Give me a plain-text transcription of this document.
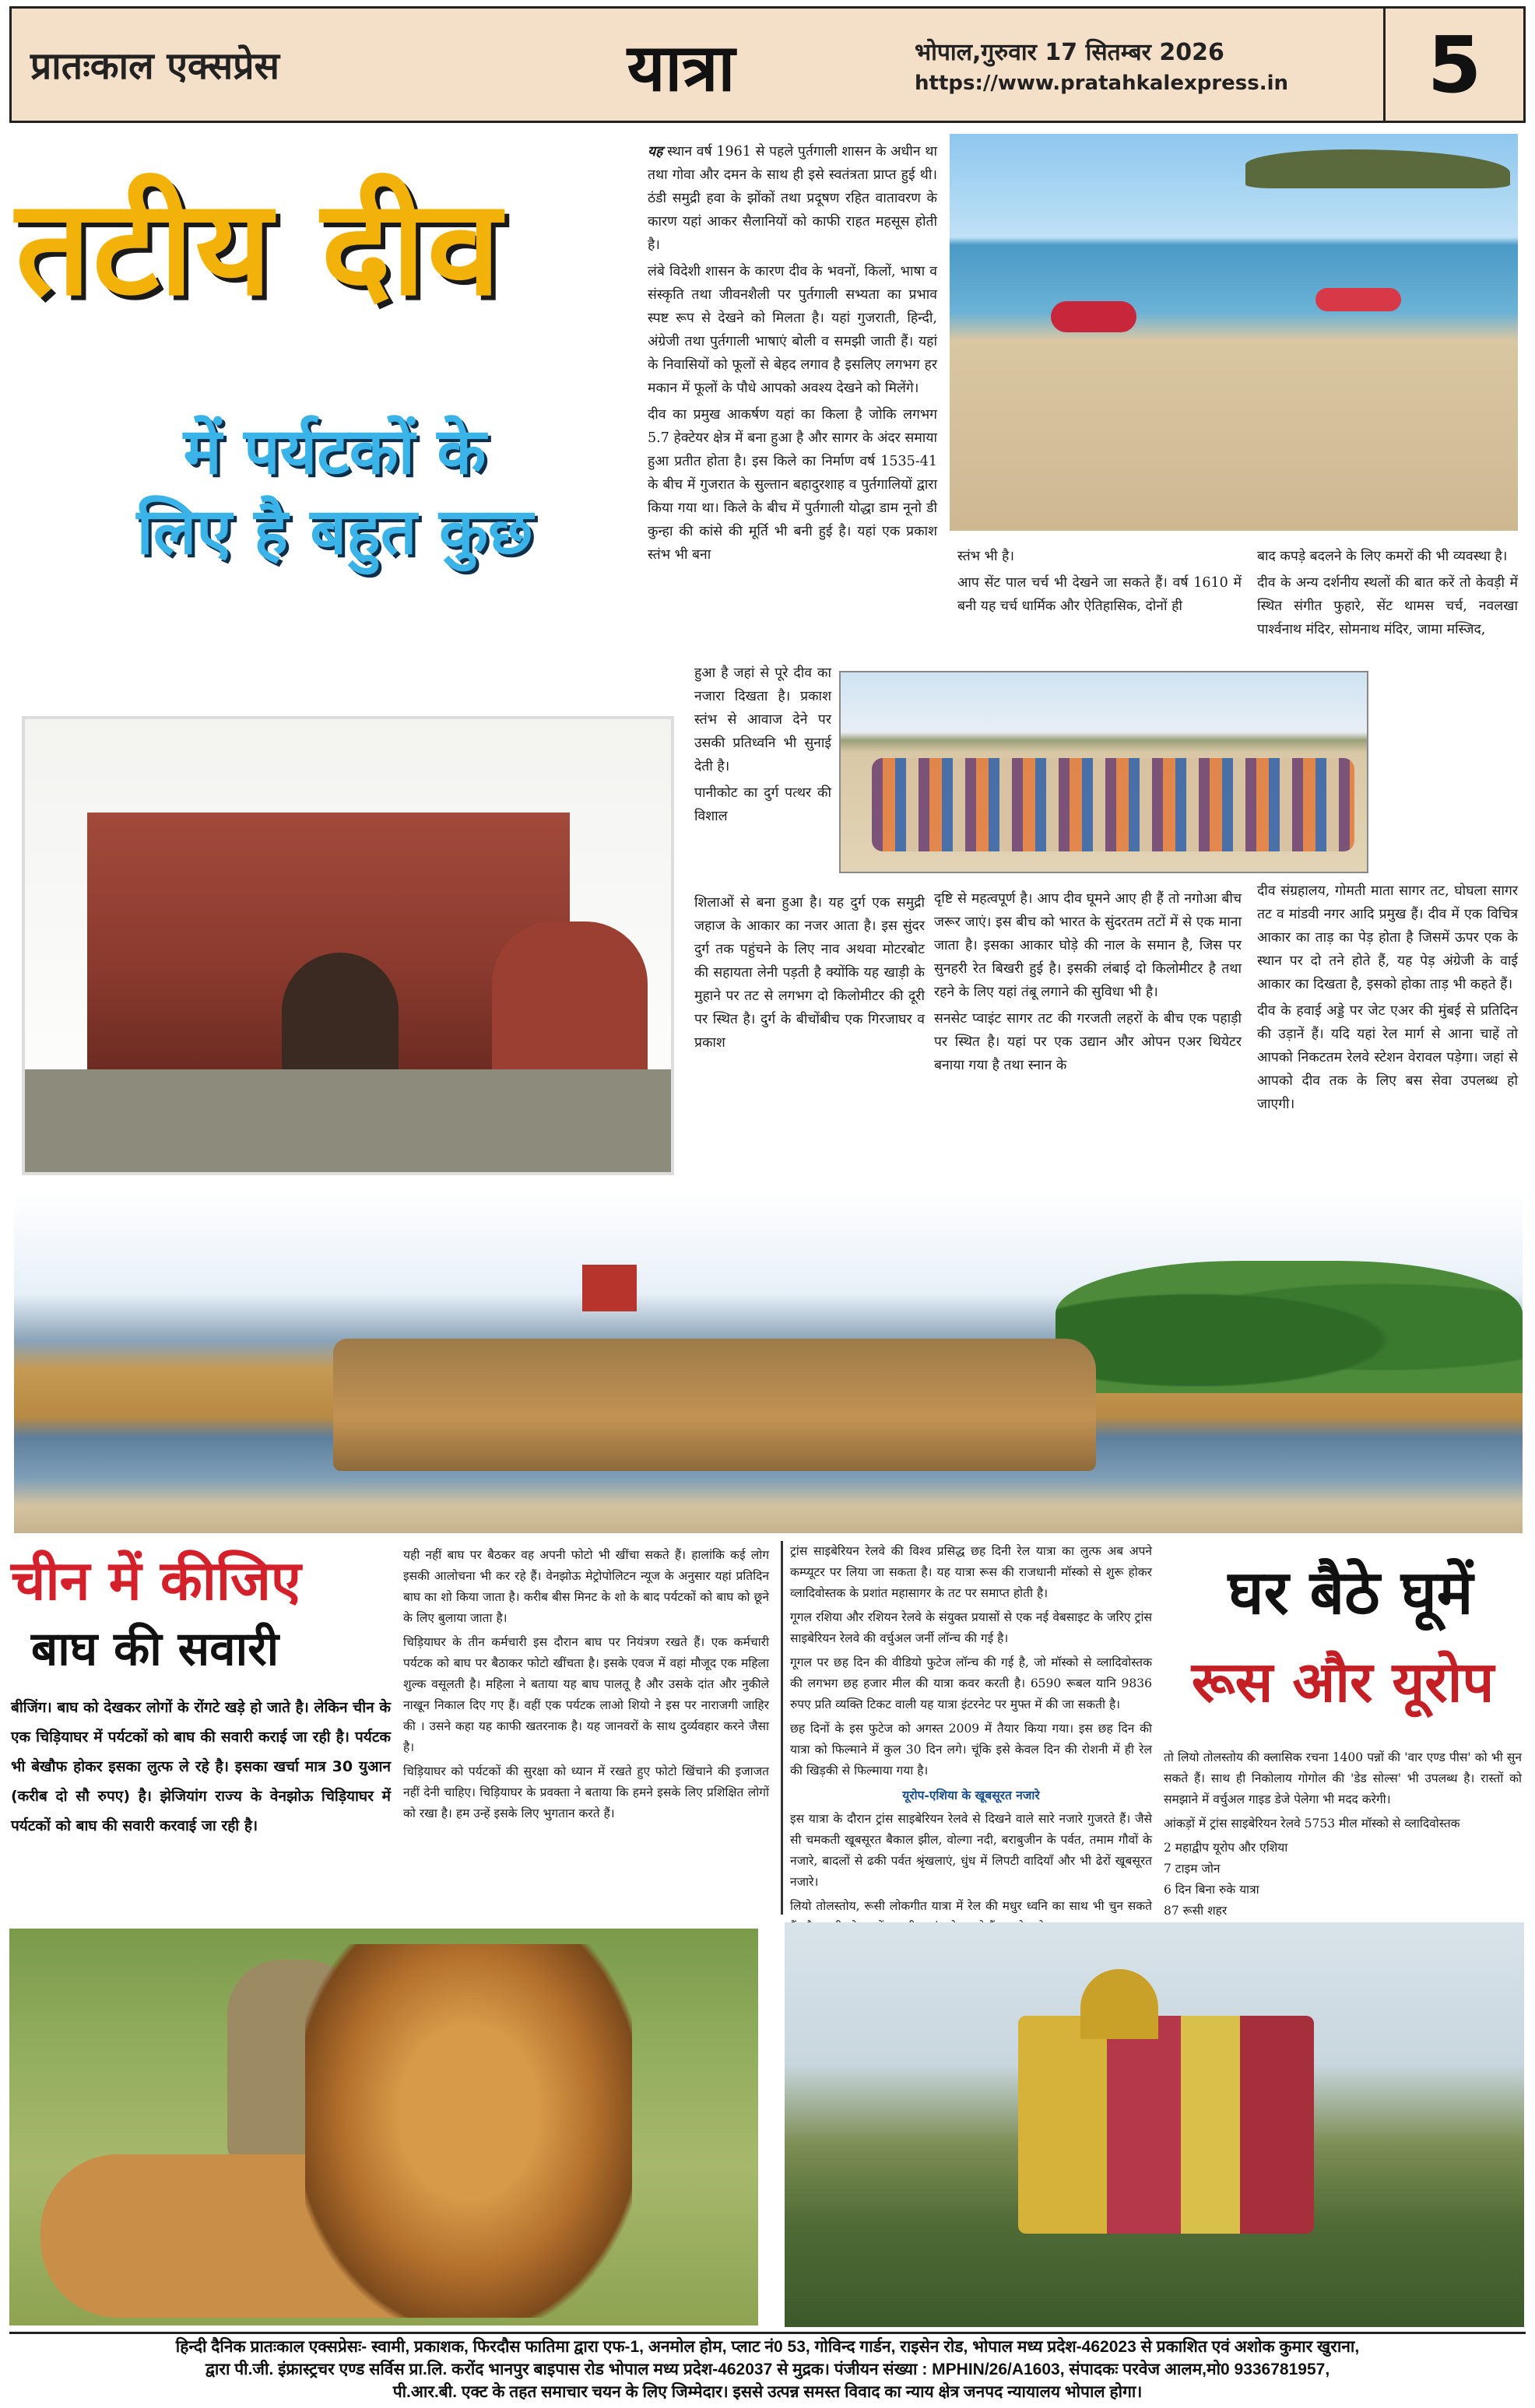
प्रातःकाल एक्सप्रेस	यात्रा	भोपाल,गुरुवार 17 सितम्बर 2026
https://www.pratahkalexpress.in	5
तटीय दीव
में पर्यटकों के
लिए है बहुत कुछ

यह स्थान वर्ष 1961 से पहले पुर्तगाली शासन के अधीन था तथा गोवा और दमन के साथ ही इसे स्वतंत्रता प्राप्त हुई थी। ठंडी समुद्री हवा के झोंकों तथा प्रदूषण रहित वातावरण के कारण यहां आकर सैलानियों को काफी राहत महसूस होती है।

लंबे विदेशी शासन के कारण दीव के भवनों, किलों, भाषा व संस्कृति तथा जीवनशैली पर पुर्तगाली सभ्यता का प्रभाव स्पष्ट रूप से देखने को मिलता है। यहां गुजराती, हिन्दी, अंग्रेजी तथा पुर्तगाली भाषाएं बोली व समझी जाती हैं। यहां के निवासियों को फूलों से बेहद लगाव है इसलिए लगभग हर मकान में फूलों के पौधे आपको अवश्य देखने को मिलेंगे।

दीव का प्रमुख आकर्षण यहां का किला है जोकि लगभग 5.7 हेक्टेयर क्षेत्र में बना हुआ है और सागर के अंदर समाया हुआ प्रतीत होता है। इस किले का निर्माण वर्ष 1535-41 के बीच में गुजरात के सुल्तान बहादुरशाह व पुर्तगालियों द्वारा किया गया था। किले के बीच में पुर्तगाली योद्धा डाम नूनो डी कुन्हा की कांसे की मूर्ति भी बनी हुई है। यहां एक प्रकाश स्तंभ भी बना

हुआ है जहां से पूरे दीव का नजारा दिखता है। प्रकाश स्तंभ से आवाज देने पर उसकी प्रतिध्वनि भी सुनाई देती है।

पानीकोट का दुर्ग पत्थर की विशाल

शिलाओं से बना हुआ है। यह दुर्ग एक समुद्री जहाज के आकार का नजर आता है। इस सुंदर दुर्ग तक पहुंचने के लिए नाव अथवा मोटरबोट की सहायता लेनी पड़ती है क्योंकि यह खाड़ी के मुहाने पर तट से लगभग दो किलोमीटर की दूरी पर स्थित है। दुर्ग के बीचोंबीच एक गिरजाघर व प्रकाश

स्तंभ भी है।

आप सेंट पाल चर्च भी देखने जा सकते हैं। वर्ष 1610 में बनी यह चर्च धार्मिक और ऐतिहासिक, दोनों ही

दृष्टि से महत्वपूर्ण है। आप दीव घूमने आए ही हैं तो नगोआ बीच जरूर जाएं। इस बीच को भारत के सुंदरतम तटों में से एक माना जाता है। इसका आकार घोड़े की नाल के समान है, जिस पर सुनहरी रेत बिखरी हुई है। इसकी लंबाई दो किलोमीटर है तथा रहने के लिए यहां तंबू लगाने की सुविधा भी है।

सनसेट प्वाइंट सागर तट की गरजती लहरों के बीच एक पहाड़ी पर स्थित है। यहां पर एक उद्यान और ओपन एअर थियेटर बनाया गया है तथा स्नान के

बाद कपड़े बदलने के लिए कमरों की भी व्यवस्था है।

दीव के अन्य दर्शनीय स्थलों की बात करें तो केवड़ी में स्थित संगीत फुहारे, सेंट थामस चर्च, नवलखा पार्श्वनाथ मंदिर, सोमनाथ मंदिर, जामा मस्जिद,

दीव संग्रहालय, गोमती माता सागर तट, घोघला सागर तट व मांडवी नगर आदि प्रमुख हैं। दीव में एक विचित्र आकार का ताड़ का पेड़ होता है जिसमें ऊपर एक के स्थान पर दो तने होते हैं, यह पेड़ अंग्रेजी के वाई आकार का दिखता है, इसको होका ताड़ भी कहते हैं।

दीव के हवाई अड्डे पर जेट एअर की मुंबई से प्रतिदिन की उड़ानें हैं। यदि यहां रेल मार्ग से आना चाहें तो आपको निकटतम रेलवे स्टेशन वेरावल पड़ेगा। जहां से आपको दीव तक के लिए बस सेवा उपलब्ध हो जाएगी।

चीन में कीजिए
बाघ की सवारी
बीजिंग। बाघ को देखकर लोगों के रोंगटे खड़े हो जाते है। लेकिन चीन के एक चिड़ियाघर में पर्यटकों को बाघ की सवारी कराई जा रही है। पर्यटक भी बेखौफ होकर इसका लुत्फ ले रहे है। इसका खर्चा मात्र 30 युआन (करीब दो सौ रुपए) है। झेजियांग राज्य के वेनझोऊ चिड़ियाघर में पर्यटकों को बाघ की सवारी करवाई जा रही है।

यही नहीं बाघ पर बैठकर वह अपनी फोटो भी खींचा सकते हैं। हालांकि कई लोग इसकी आलोचना भी कर रहे हैं। वेनझोऊ मेट्रोपोलिटन न्यूज के अनुसार यहां प्रतिदिन बाघ का शो किया जाता है। करीब बीस मिनट के शो के बाद पर्यटकों को बाघ को छूने के लिए बुलाया जाता है।

चिड़ियाघर के तीन कर्मचारी इस दौरान बाघ पर नियंत्रण रखते हैं। एक कर्मचारी पर्यटक को बाघ पर बैठाकर फोटो खींचता है। इसके एवज में वहां मौजूद एक महिला शुल्क वसूलती है। महिला ने बताया यह बाघ पालतू है और उसके दांत और नुकीले नाखून निकाल दिए गए हैं। वहीं एक पर्यटक लाओ शियो ने इस पर नाराजगी जाहिर की । उसने कहा यह काफी खतरनाक है। यह जानवरों के साथ दुर्व्यवहार करने जैसा है।

चिड़ियाघर को पर्यटकों की सुरक्षा को ध्यान में रखते हुए फोटो खिंचाने की इजाजत नहीं देनी चाहिए। चिड़ियाघर के प्रवक्ता ने बताया कि हमने इसके लिए प्रशिक्षित लोगों को रखा है। हम उन्हें इसके लिए भुगतान करते हैं।

ट्रांस साइबेरियन रेलवे की विश्व प्रसिद्ध छह दिनी रेल यात्रा का लुत्फ अब अपने कम्प्यूटर पर लिया जा सकता है। यह यात्रा रूस की राजधानी मॉस्को से शुरू होकर व्लादिवोस्तक के प्रशांत महासागर के तट पर समाप्त होती है।

गूगल रशिया और रशियन रेलवे के संयुक्त प्रयासों से एक नई वेबसाइट के जरिए ट्रांस साइबेरियन रेलवे की वर्चुअल जर्नी लॉन्च की गई है।

गूगल पर छह दिन की वीडियो फुटेज लॉन्च की गई है, जो मॉस्को से व्लादिवोस्तक की लगभग छह हजार मील की यात्रा कवर करती है। 6590 रूबल यानि 9836 रुपए प्रति व्यक्ति टिकट वाली यह यात्रा इंटरनेट पर मुफ्त में की जा सकती है।

छह दिनों के इस फुटेज को अगस्त 2009 में तैयार किया गया। इस छह दिन की यात्रा को फिल्माने में कुल 30 दिन लगे। चूंकि इसे केवल दिन की रोशनी में ही रेल की खिड़की से फिल्माया गया है।

यूरोप-एशिया के खूबसूरत नजारे

इस यात्रा के दौरान ट्रांस साइबेरियन रेलवे से दिखने वाले सारे नजारे गुजरते हैं। जैसे सी चमकती खूबसूरत बैकाल झील, वोल्गा नदी, बराबुजीन के पर्वत, तमाम गौवों के नजारे, बादलों से ढकी पर्वत श्रृंखलाएं, धुंध में लिपटी वादियाँ और भी ढेरों खूबसूरत नजारे।

लियो तोलस्तोय, रूसी लोकगीत यात्रा में रेल की मधुर ध्वनि का साथ भी चुन सकते

घर बैठे घूमें
रूस और यूरोप

तो लियो तोलस्तोय की क्लासिक रचना 1400 पन्नों की 'वार एण्ड पीस' को भी सुन सकते हैं। साथ ही निकोलाय गोगोल की 'डेड सोल्स' भी उपलब्ध है। रास्तों को समझाने में वर्चुअल गाइड डेजे पेलेगा भी मदद करेगी।

आंकड़ों में ट्रांस साइबेरियन रेलवे 5753 मील मॉस्को से व्लादिवोस्तक

2 महाद्वीप यूरोप और एशिया
7 टाइम जोन
6 दिन बिना रुके यात्रा
87 रूसी शहर
हिन्दी दैनिक प्रातःकाल एक्सप्रेसः- स्वामी, प्रकाशक, फिरदौस फातिमा द्वारा एफ-1, अनमोल होम, प्लाट नं0 53, गोविन्द गार्डन, राइसेन रोड, भोपाल मध्य प्रदेश-462023 से प्रकाशित एवं अशोक कुमार खुराना,
द्वारा पी.जी. इंफ्रास्ट्रचर एण्ड सर्विस प्रा.लि. करोंद भानपुर बाइपास रोड भोपाल मध्य प्रदेश-462037 से मुद्रक। पंजीयन संख्या : MPHIN/26/A1603, संपादकः परवेज आलम,मो0 9336781957,
पी.आर.बी. एक्ट के तहत समाचार चयन के लिए जिम्मेदार। इससे उत्पन्न समस्त विवाद का न्याय क्षेत्र जनपद न्यायालय भोपाल होगा।
